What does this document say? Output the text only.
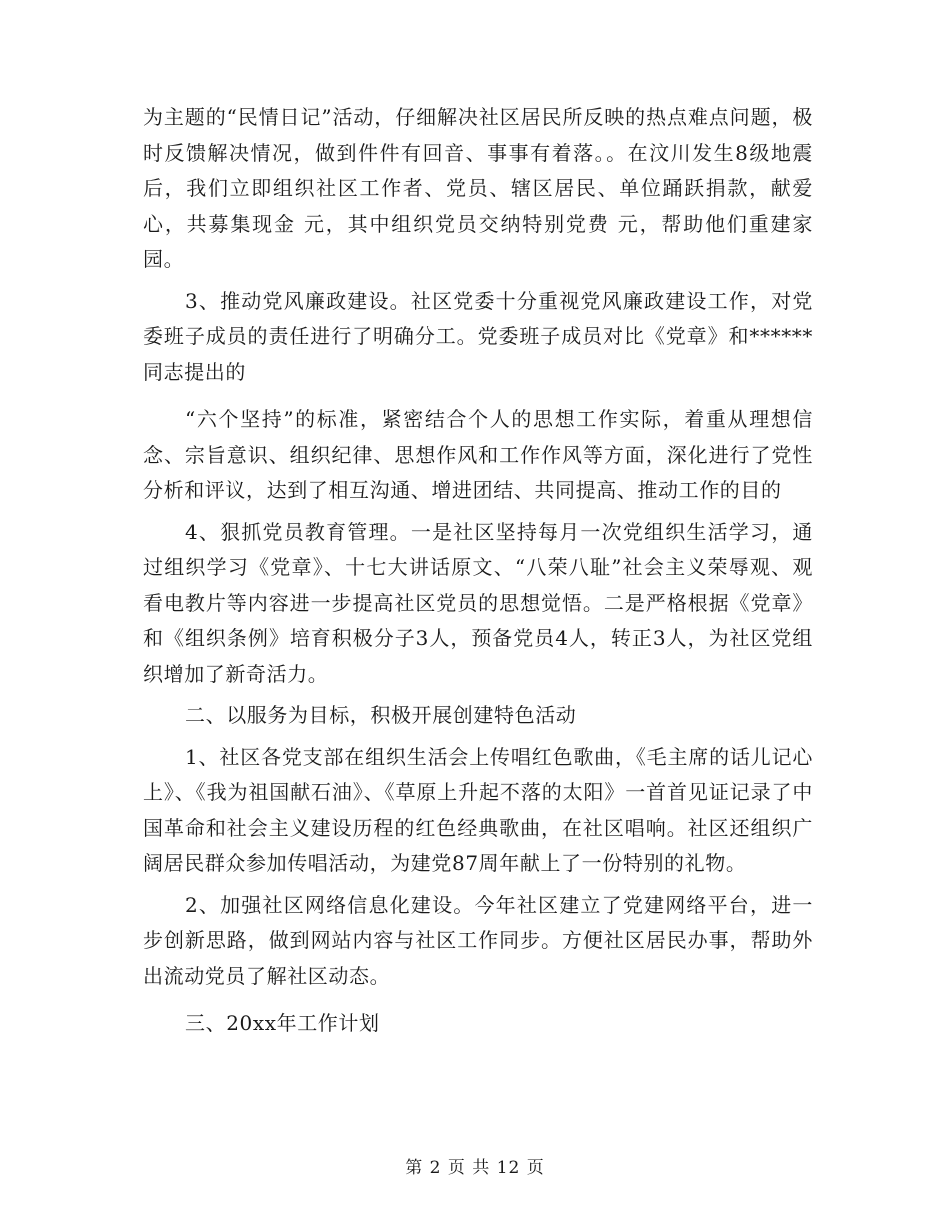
为主题的“民情日记”活动，仔细解决社区居民所反映的热点难点问题，极时反馈解决情况，做到件件有回音、事事有着落。。在汶川发生8级地震后，我们立即组织社区工作者、党员、辖区居民、单位踊跃捐款，献爱心，共募集现金 元，其中组织党员交纳特别党费 元，帮助他们重建家园。

3、推动党风廉政建设。社区党委十分重视党风廉政建设工作，对党委班子成员的责任进行了明确分工。党委班子成员对比《党章》和******同志提出的

“六个坚持”的标准，紧密结合个人的思想工作实际，着重从理想信念、宗旨意识、组织纪律、思想作风和工作作风等方面，深化进行了党性分析和评议，达到了相互沟通、增进团结、共同提高、推动工作的目的

4、狠抓党员教育管理。一是社区坚持每月一次党组织生活学习，通过组织学习《党章》、十七大讲话原文、“八荣八耻”社会主义荣辱观、观看电教片等内容进一步提高社区党员的思想觉悟。二是严格根据《党章》和《组织条例》培育积极分子3人，预备党员4人，转正3人，为社区党组织增加了新奇活力。

二、以服务为目标，积极开展创建特色活动

1、社区各党支部在组织生活会上传唱红色歌曲，《毛主席的话儿记心上》、《我为祖国献石油》、《草原上升起不落的太阳》一首首见证记录了中国革命和社会主义建设历程的红色经典歌曲，在社区唱响。社区还组织广阔居民群众参加传唱活动，为建党87周年献上了一份特别的礼物。

2、加强社区网络信息化建设。今年社区建立了党建网络平台，进一步创新思路，做到网站内容与社区工作同步。方便社区居民办事，帮助外出流动党员了解社区动态。

三、20xx年工作计划

第 2 页 共 12 页
